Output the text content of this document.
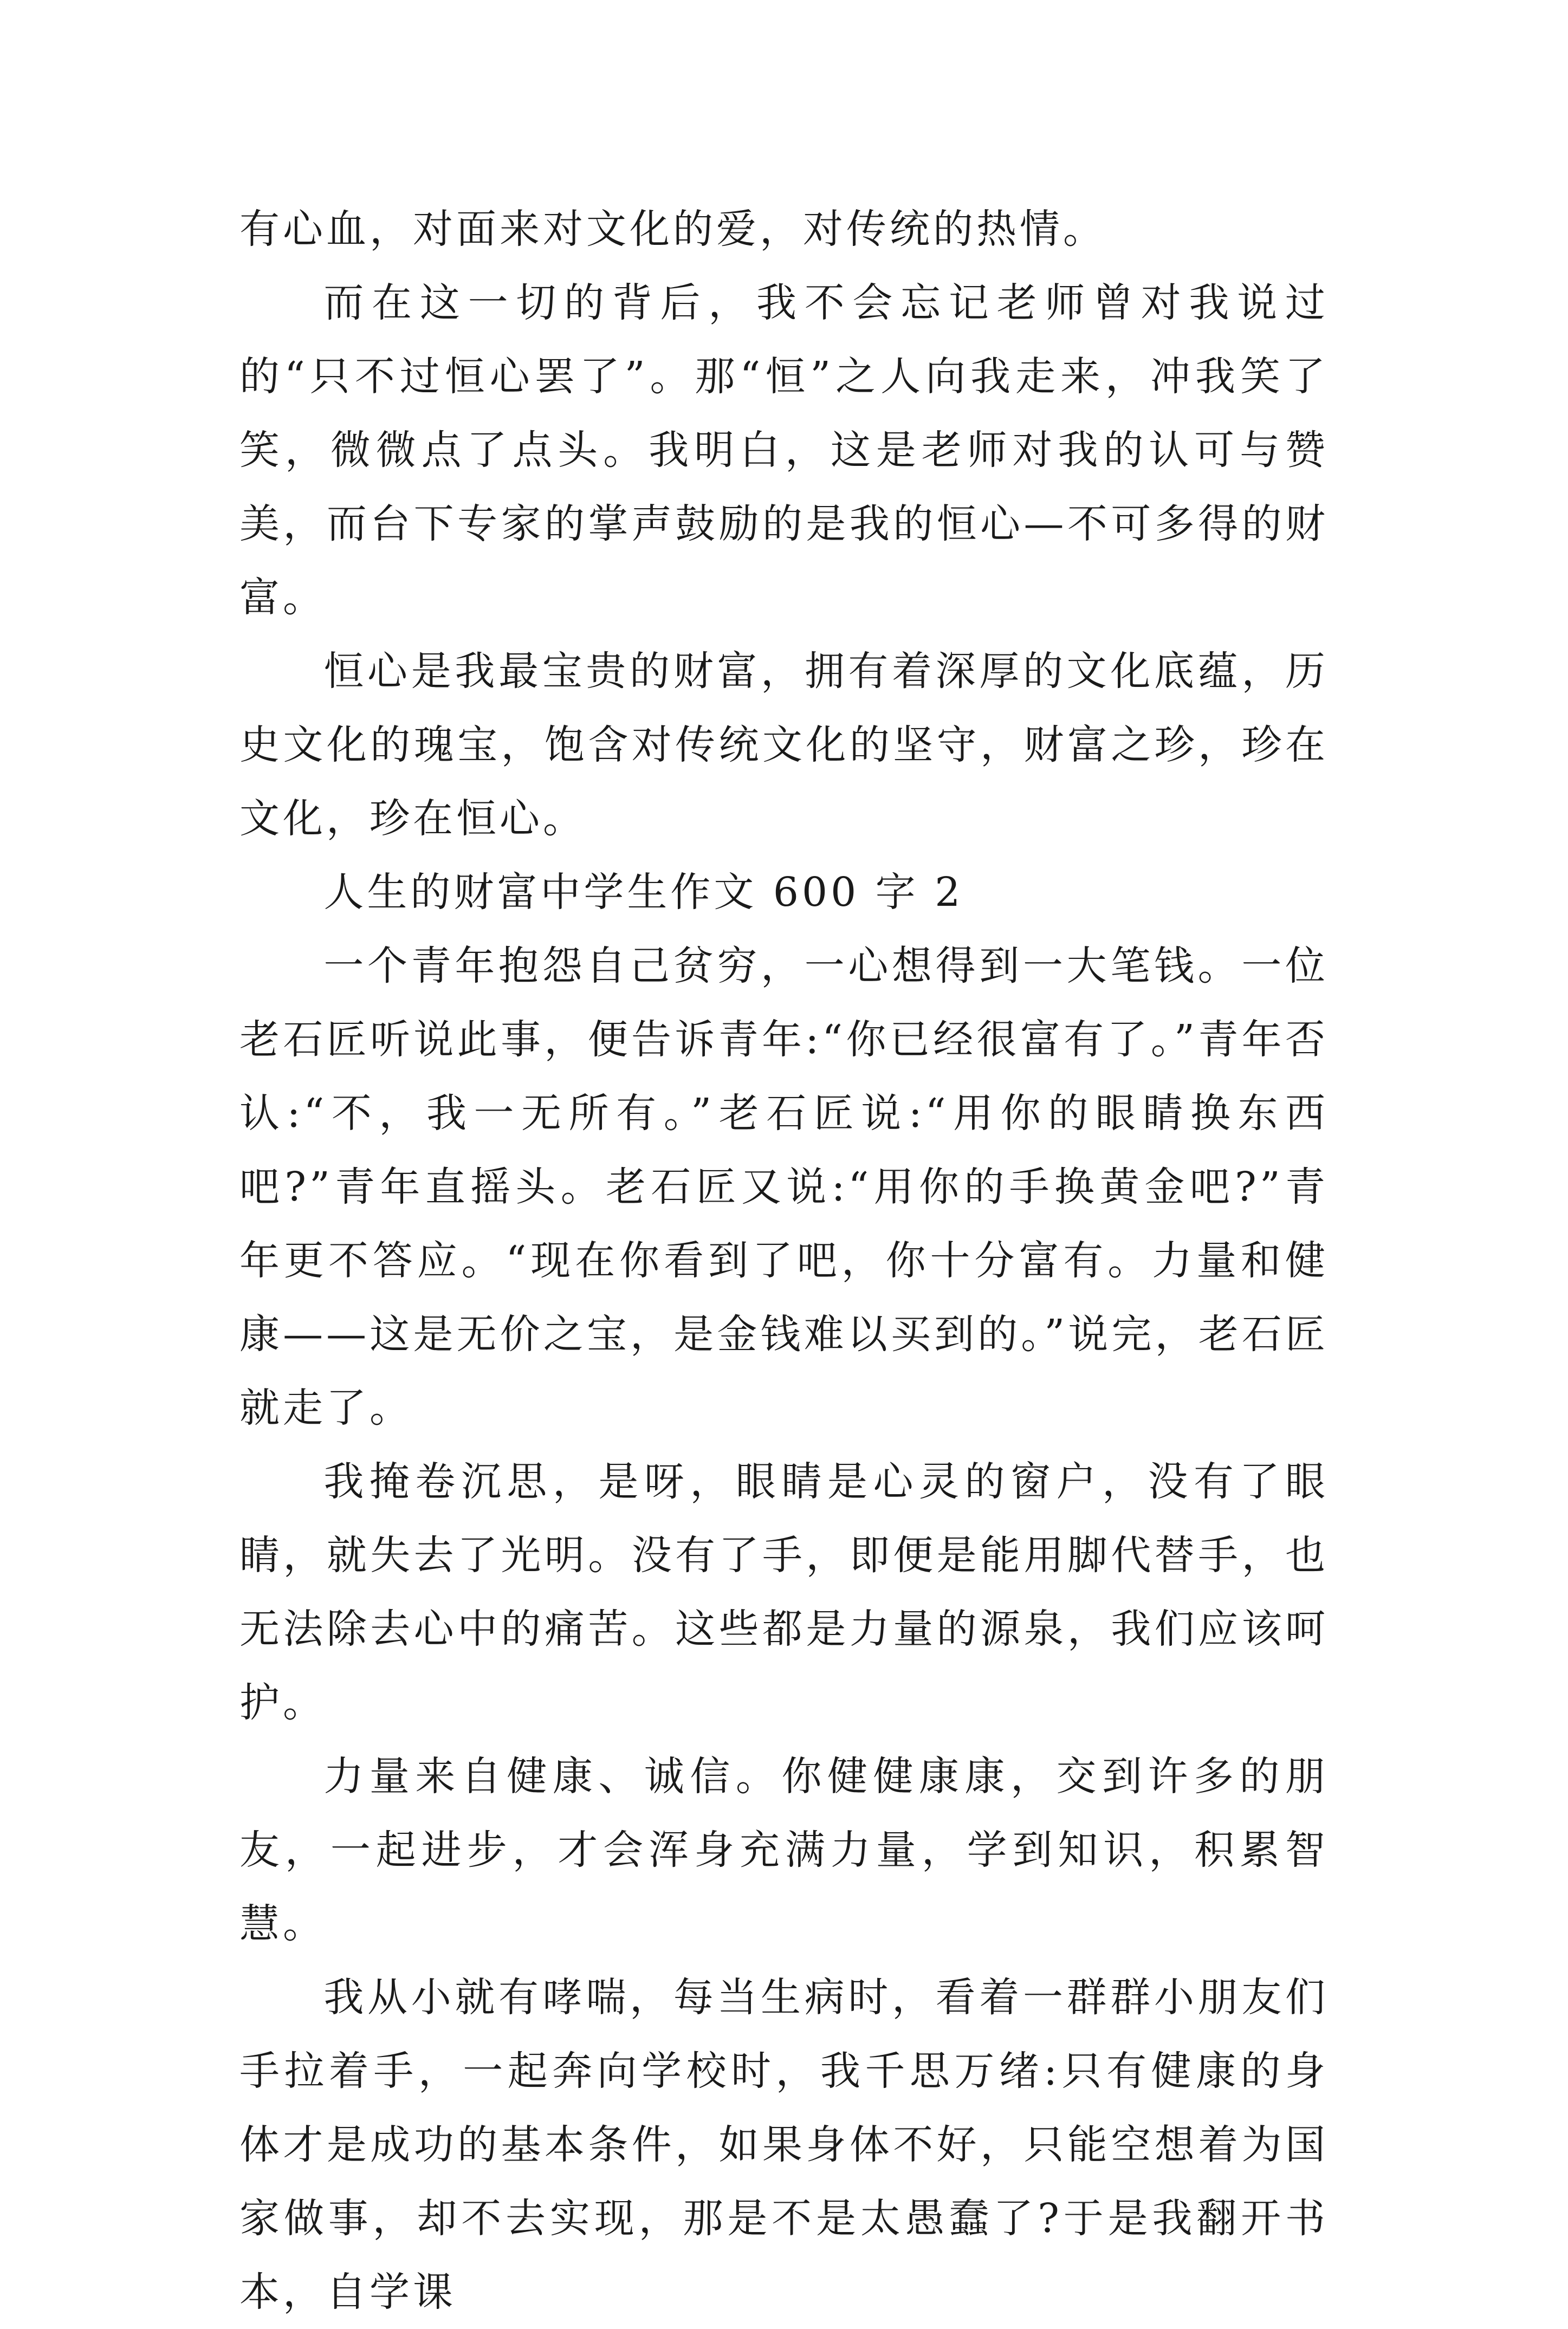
有心血，对面来对文化的爱，对传统的热情。

而在这一切的背后，我不会忘记老师曾对我说过的“只不过恒心罢了”。那“恒”之人向我走来，冲我笑了笑，微微点了点头。我明白，这是老师对我的认可与赞美，而台下专家的掌声鼓励的是我的恒心—不可多得的财富。

恒心是我最宝贵的财富，拥有着深厚的文化底蕴，历史文化的瑰宝，饱含对传统文化的坚守，财富之珍，珍在文化，珍在恒心。

人生的财富中学生作文 600 字 2

一个青年抱怨自己贫穷，一心想得到一大笔钱。一位老石匠听说此事，便告诉青年:“你已经很富有了。”青年否认:“不，我一无所有。”老石匠说:“用你的眼睛换东西吧?”青年直摇头。老石匠又说:“用你的手换黄金吧?”青年更不答应。“现在你看到了吧，你十分富有。力量和健康——这是无价之宝，是金钱难以买到的。”说完，老石匠就走了。

我掩卷沉思，是呀，眼睛是心灵的窗户，没有了眼睛，就失去了光明。没有了手，即便是能用脚代替手，也无法除去心中的痛苦。这些都是力量的源泉，我们应该呵护。

力量来自健康、诚信。你健健康康，交到许多的朋友，一起进步，才会浑身充满力量，学到知识，积累智慧。

我从小就有哮喘，每当生病时，看着一群群小朋友们手拉着手，一起奔向学校时，我千思万绪:只有健康的身体才是成功的基本条件，如果身体不好，只能空想着为国家做事，却不去实现，那是不是太愚蠢了?于是我翻开书本，自学课
